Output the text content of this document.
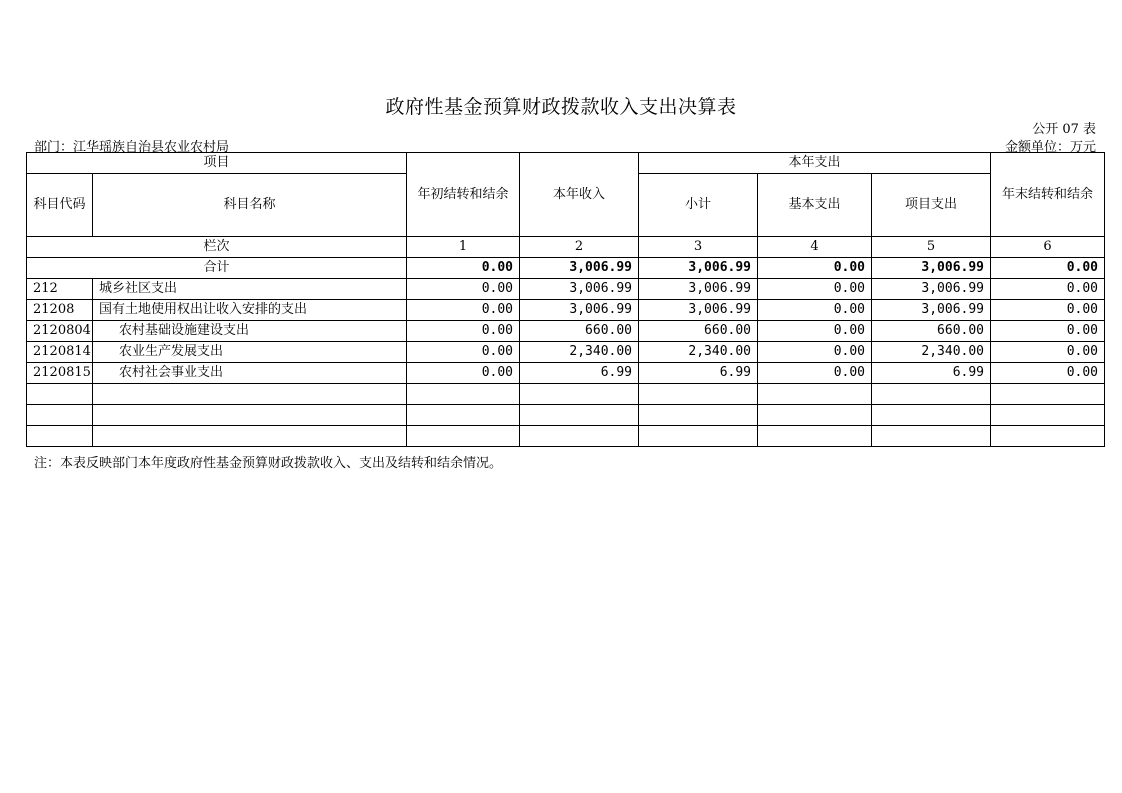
政府性基金预算财政拨款收入支出决算表
公开 07 表
部门：江华瑶族自治县农业农村局	金额单位：万元
项目		年初结转和结余	本年收入	本年支出			年末结转和结余
科目代码	科目名称			小计	基本支出	项目支出	
栏次		1	2	3	4	5	6
合计		0.00	3,006.99	3,006.99	0.00	3,006.99	0.00
212	城乡社区支出	0.00	3,006.99	3,006.99	0.00	3,006.99	0.00
21208	国有土地使用权出让收入安排的支出	0.00	3,006.99	3,006.99	0.00	3,006.99	0.00
2120804	农村基础设施建设支出	0.00	660.00	660.00	0.00	660.00	0.00
2120814	农业生产发展支出	0.00	2,340.00	2,340.00	0.00	2,340.00	0.00
2120815	农村社会事业支出	0.00	6.99	6.99	0.00	6.99	0.00

注：本表反映部门本年度政府性基金预算财政拨款收入、支出及结转和结余情况。
